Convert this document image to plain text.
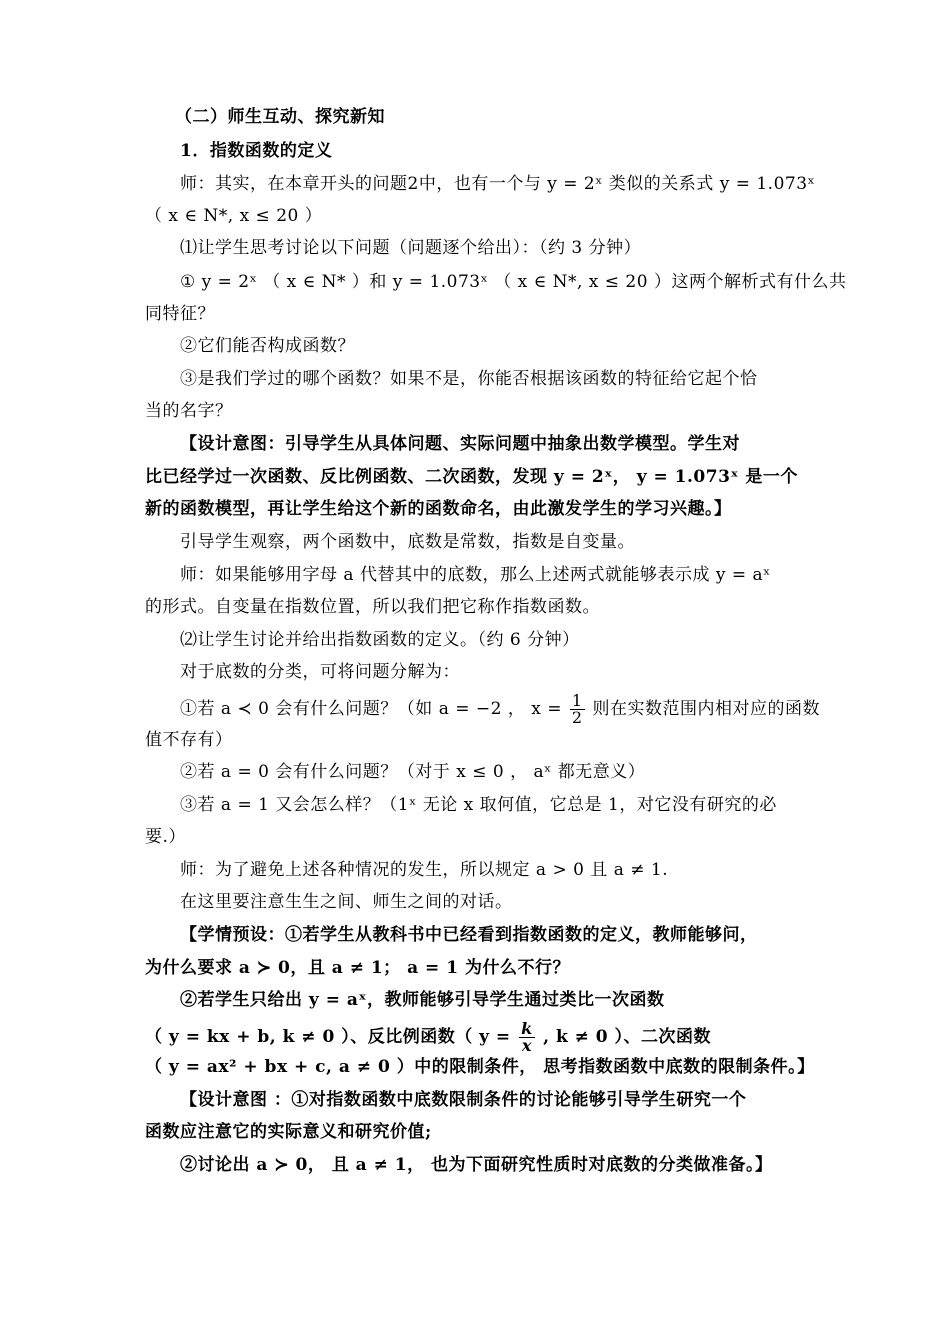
（二）师生互动、探究新知
1．指数函数的定义
师：其实，在本章开头的问题2中，也有一个与 y = 2ˣ 类似的关系式 y = 1.073ˣ
（ x ∈ N*, x ≤ 20 ）
⑴让学生思考讨论以下问题（问题逐个给出）：（约 3 分钟）
① y = 2ˣ （ x ∈ N* ）和 y = 1.073ˣ （ x ∈ N*, x ≤ 20 ）这两个解析式有什么共
同特征？
②它们能否构成函数？
③是我们学过的哪个函数？如果不是，你能否根据该函数的特征给它起个恰
当的名字？
【设计意图：引导学生从具体问题、实际问题中抽象出数学模型。学生对
比已经学过一次函数、反比例函数、二次函数，发现 y = 2ˣ， y = 1.073ˣ 是一个
新的函数模型，再让学生给这个新的函数命名，由此激发学生的学习兴趣。】
引导学生观察，两个函数中，底数是常数，指数是自变量。
师：如果能够用字母 a 代替其中的底数，那么上述两式就能够表示成 y = aˣ
的形式。自变量在指数位置，所以我们把它称作指数函数。
⑵让学生讨论并给出指数函数的定义。（约 6 分钟）
对于底数的分类，可将问题分解为：
①若 a ≺ 0 会有什么问题？（如 a = −2 ， $x = \frac{1}{2}$ 则在实数范围内相对应的函数
值不存有）
②若 a = 0 会有什么问题？（对于 x ≤ 0 ， aˣ 都无意义）
③若 a = 1 又会怎么样？（1ˣ 无论 x 取何值，它总是 1，对它没有研究的必
要.）
师：为了避免上述各种情况的发生，所以规定 a > 0 且 a ≠ 1.
在这里要注意生生之间、师生之间的对话。
【学情预设：①若学生从教科书中已经看到指数函数的定义，教师能够问，
为什么要求 a ≻ 0，且 a ≠ 1； a = 1 为什么不行？
②若学生只给出 y = aˣ，教师能够引导学生通过类比一次函数
（ y = kx + b, k ≠ 0 ）、反比例函数（ $y = \frac{k}{x}$ , k ≠ 0 ）、二次函数
（ y = ax² + bx + c, a ≠ 0 ）中的限制条件， 思考指数函数中底数的限制条件。】
【设计意图 ：①对指数函数中底数限制条件的讨论能够引导学生研究一个
函数应注意它的实际意义和研究价值;
②讨论出 a ≻ 0， 且 a ≠ 1， 也为下面研究性质时对底数的分类做准备。】
